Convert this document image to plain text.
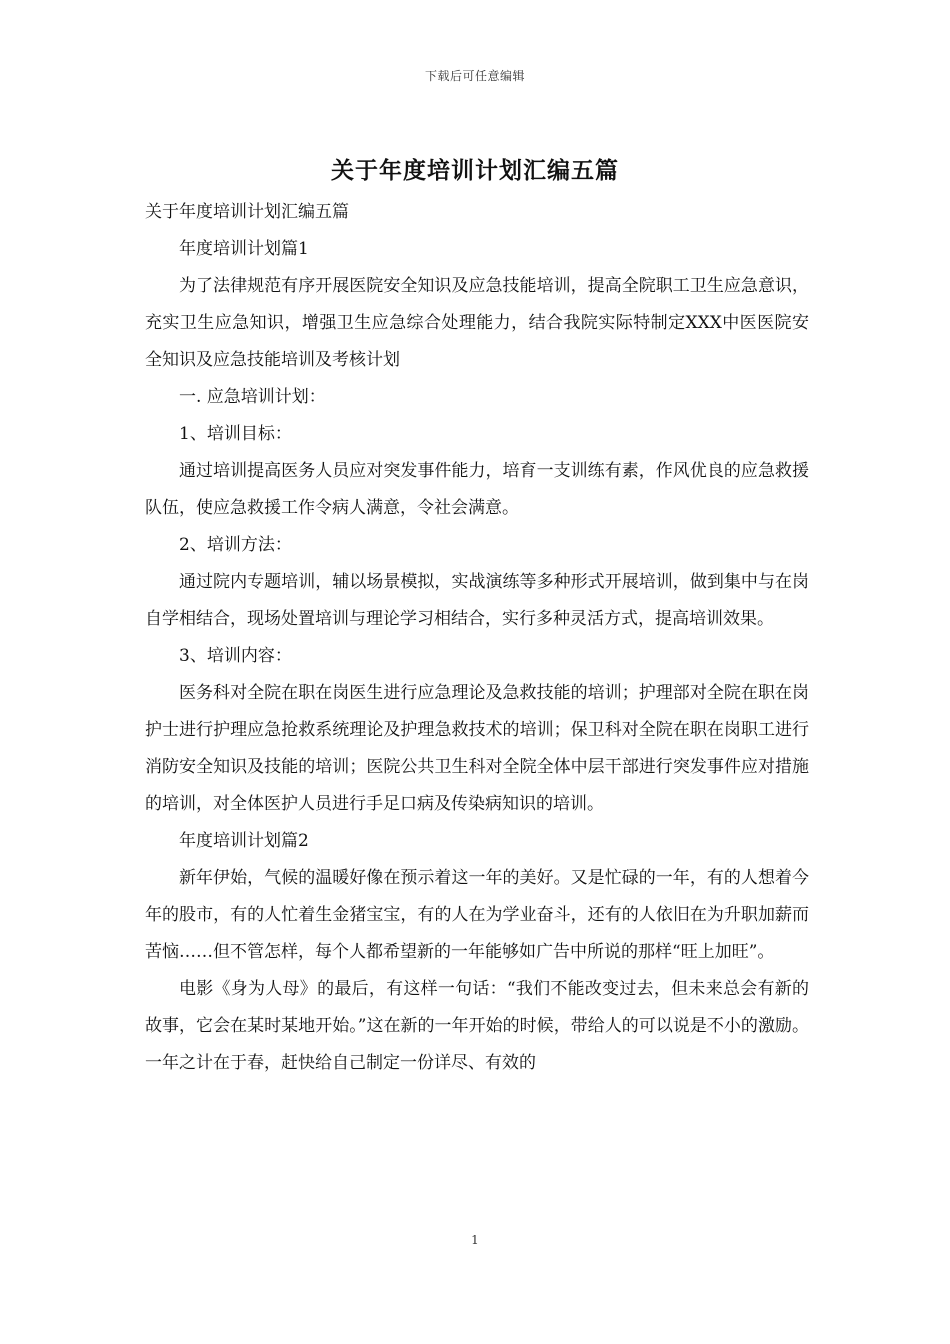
下载后可任意编辑
关于年度培训计划汇编五篇

关于年度培训计划汇编五篇

年度培训计划篇1

为了法律规范有序开展医院安全知识及应急技能培训，提高全院职工卫生应急意识，充实卫生应急知识，增强卫生应急综合处理能力，结合我院实际特制定XXX中医医院安全知识及应急技能培训及考核计划

一. 应急培训计划：

1、培训目标：

通过培训提高医务人员应对突发事件能力，培育一支训练有素，作风优良的应急救援队伍，使应急救援工作令病人满意，令社会满意。

2、培训方法：

通过院内专题培训，辅以场景模拟，实战演练等多种形式开展培训，做到集中与在岗自学相结合，现场处置培训与理论学习相结合，实行多种灵活方式，提高培训效果。

3、培训内容：

医务科对全院在职在岗医生进行应急理论及急救技能的培训；护理部对全院在职在岗护士进行护理应急抢救系统理论及护理急救技术的培训；保卫科对全院在职在岗职工进行消防安全知识及技能的培训；医院公共卫生科对全院全体中层干部进行突发事件应对措施的培训，对全体医护人员进行手足口病及传染病知识的培训。

年度培训计划篇2

新年伊始，气候的温暖好像在预示着这一年的美好。又是忙碌的一年，有的人想着今年的股市，有的人忙着生金猪宝宝，有的人在为学业奋斗，还有的人依旧在为升职加薪而苦恼……但不管怎样，每个人都希望新的一年能够如广告中所说的那样“旺上加旺”。

电影《身为人母》的最后，有这样一句话：“我们不能改变过去，但未来总会有新的故事，它会在某时某地开始。”这在新的一年开始的时候，带给人的可以说是不小的激励。一年之计在于春，赶快给自己制定一份详尽、有效的

1
